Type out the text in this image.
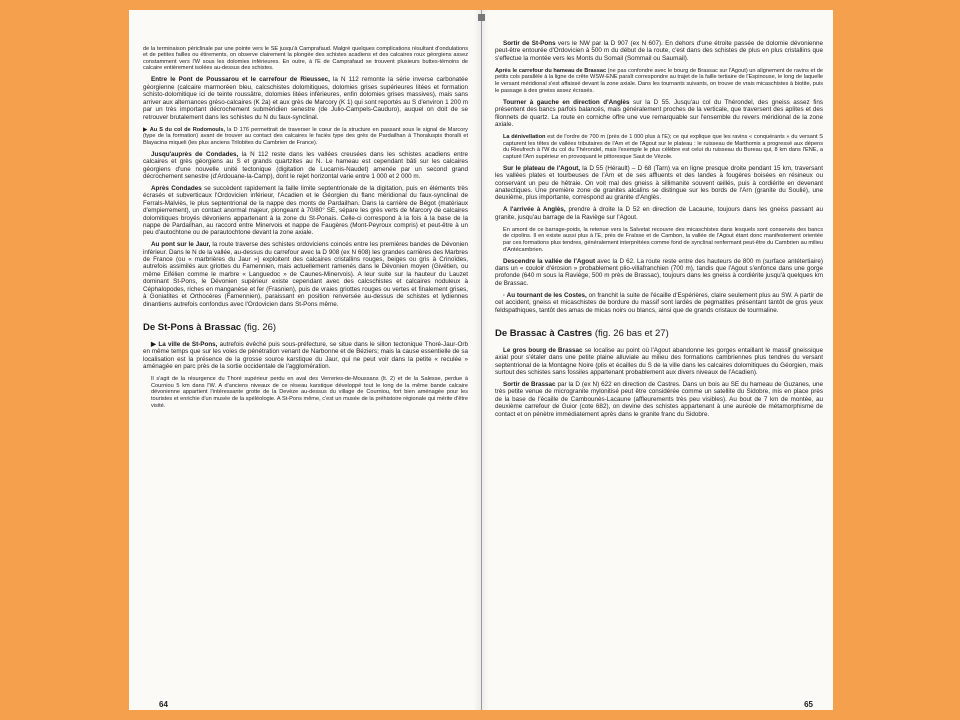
de la terminaison périclinale par une pointe vers le SE jusqu'à Camprafaud. Malgré quelques complications résultant d'ondulations et de petites failles ou étirements, on observe clairement la plongée des schistes acadiens et des calcaires roux géorgiens assez constamment vers l'W sous les dolomies inférieures. En outre, à l'E de Camprafaud se trouvent plusieurs buttes-témoins de calcaire entièrement isolées au-dessus des schistes.

Entre le Pont de Poussarou et le carrefour de Rieussec, la N 112 remonte la série inverse carbonatée géorgienne (calcaire marmoréen bleu, calcschistes dolomitiques, dolomies grises supérieures litées et formation schisto-dolomitique ici de teinte roussâtre, dolomies litées inférieures, enfin dolomies grises massives), mais sans arriver aux alternances grésо-calcaires (K 2a) et aux grès de Marcory (K 1) qui sont reportés au S d'environ 1 200 m par un très important décrochement subméridien senestre (de Julio-Campels-Cauduro), auquel on doit de se retrouver brutalement dans les schistes du N du faux-synclinal.

▶ Au S du col de Rodomouls, la D 176 permettrait de traverser le cœur de la structure en passant sous le signal de Marcory (type de la formation) avant de trouver au contact des calcaires le faciès type des grès de Pardailhan à Thoraluspis thoralli et Blayacina miqueli (les plus anciens Trilobites du Cambrien de France).

Jusqu'auprès de Condades, la N 112 reste dans les vallées creusées dans les schistes acadiens entre calcaires et grès géorgiens au S et grands quartzites au N. Le hameau est cependant bâti sur les calcaires géorgiens d'une nouvelle unité tectonique (digitation de Lucarnis-Naudet) amenée par un second grand décrochement senestre (d'Ardouane-la-Camp), dont le rejet horizontal varie entre 1 000 et 2 000 m.

Après Condades se succèdent rapidement la faille limite septentrionale de la digitation, puis en éléments très écrasés et subverticaux l'Ordovicien inférieur, l'Acadien et le Géorgien du flanc méridional du faux-synclinal de Ferrals-Malviès, le plus septentrional de la nappe des monts de Pardailhan. Dans la carrière de Bégot (matériaux d'empierrement), un contact anormal majeur, plongeant à 70/80° SE, sépare les grès verts de Marcory de calcaires dolomitiques broyés dévoniens appartenant à la zone du St-Ponais. Celle-ci correspond à la fois à la base de la nappe de Pardailhan, au raccord entre Minervois et nappe de Faugères (Mont-Peyroux compris) et peut-être à un peu d'autochtone ou de parautochtone devant la zone axiale.

Au pont sur le Jaur, la route traverse des schistes ordoviciens coincés entre les premières bandes de Dévonien inférieur. Dans le N de la vallée, au-dessus du carrefour avec la D 908 (ex N 608) les grandes carrières des Marbres de France (ou « marbrières du Jaur ») exploitent des calcaires cristallins rouges, beiges ou gris à Crinoïdes, autrefois assimilés aux griottes du Famennien, mais actuellement ramenés dans le Dévonien moyen (Givétien, ou même Eifélien comme le marbre « Languedoc » de Caunes-Minervois). A leur suite sur la hauteur du Lauzet dominant St-Pons, le Dévonien supérieur existe cependant avec des calcschistes et calcaires noduleux à Céphalopodes, riches en manganèse et fer (Frasnien), puis de vraies griottes rouges ou vertes et finalement grises, à Goniatites et Orthocères (Famennien), paraissant en position renversée au-dessus de schistes et lydiennes dinantiens autrefois confondus avec l'Ordovicien dans St-Pons même.

De St-Pons à Brassac (fig. 26)

▶ La ville de St-Pons, autrefois évêché puis sous-préfecture, se situe dans le sillon tectonique Thoré-Jaur-Orb en même temps que sur les voies de pénétration venant de Narbonne et de Béziers; mais la cause essentielle de sa localisation est la présence de la grosse source karstique du Jaur, qui ne peut voir dans la petite « reculée » aménagée en parc près de la sortie occidentale de l'agglomération.

Il s'agit de la résurgence du Thoré supérieur perdu en aval des Verreries-de-Moussans (lt. 2) et de la Salesse, perdue à Courniou 5 km dans l'W. A d'anciens niveaux de ce réseau karstique développé tout le long de la même bande calcaire dévonienne appartient l'intéressante grotte de la Devèze au-dessus du village de Courniou, fort bien aménagée pour les touristes et enrichie d'un musée de la spéléologie. A St-Pons même, c'est un musée de la préhistoire régionale qui mérite d'être visité.

64

Sortir de St-Pons vers le NW par la D 907 (ex N 607). En dehors d'une étroite passée de dolomie dévonienne peut-être entourée d'Ordovicien à 500 m du début de la route, c'est dans des schistes de plus en plus cristallins que s'effectue la montée vers les Monts du Somail (Sommail ou Saumail).

Après le carrefour du hameau de Brassac (ne pas confondre avec le bourg de Brassac sur l'Agout) un alignement de ravins et de petits cols parallèle à la ligne de crête WSW-ENE paraît correspondre au trajet de la faille tertiaire de l'Espinouse, le long de laquelle le versant méridional s'est affaissé devant la zone axiale. Dans les tournants suivants, on trouve de vrais micaschistes à biotite, puis le passage à des gneiss assez écrasés.

Tourner à gauche en direction d'Anglès sur la D 55. Jusqu'au col du Thérondel, des gneiss assez fins présentent des bancs parfois balancés, mais généralement proches de la verticale, que traversent des aplites et des filonnets de quartz. La route en corniche offre une vue remarquable sur l'ensemble du revers méridional de la zone axiale.

La dénivellation est de l'ordre de 700 m (près de 1 000 plus à l'E); ce qui explique que les ravins « conquérants » du versant S capturent les têtes de vallées tributaires de l'Arn et de l'Agout sur le plateau : le ruisseau de Marthomis a progressé aux dépens du Rieufrech à l'W du col du Thérondel, mais l'exemple le plus célèbre est celui du ruisseau du Bureau qui, 8 km dans l'ENE, a capturé l'Arn supérieur en provoquant le pittoresque Saut de Vèzole.

Sur le plateau de l'Agout, la D 55 (Hérault) – D 68 (Tarn) va en ligne presque droite pendant 15 km, traversant les vallées plates et tourbeuses de l'Arn et de ses affluents et des landes à fougères boisées en résineux ou conservant un peu de hêtraie. On voit mal des gneiss à sillimanite souvent œillés, puis à cordiérite en devenant anatectiques. Une première zone de granites alcalins se distingue sur les bords de l'Arn (granite du Soulié), une deuxième, plus importante, correspond au granite d'Anglès.

A l'arrivée à Anglès, prendre à droite la D 52 en direction de Lacaune, toujours dans les gneiss passant au granite, jusqu'au barrage de la Raviège sur l'Agout.

En amont de ce barrage-poids, la retenue vers la Salvetat recouvre des micaschistes dans lesquels sont conservés des bancs de cipolins. Il en existe aussi plus à l'E, près de Fraïsse et de Cambon, la vallée de l'Agout étant donc manifestement orientée par ces formations plus tendres, généralement interprétées comme fond de synclinal renfermant peut-être du Cambrien au milieu d'Antécambrien.

Descendre la vallée de l'Agout avec la D 62. La route reste entre des hauteurs de 800 m (surface antétertiaire) dans un « couloir d'érosion » probablement plio-villafranchien (700 m), tandis que l'Agout s'enfonce dans une gorge profonde (640 m sous la Raviège, 500 m près de Brassac), toujours dans les gneiss à cordiérite jusqu'à quelques km de Brassac.

· Au tournant de les Costes, on franchit la suite de l'écaille d'Espérières, claire seulement plus au SW. A partir de cet accident, gneiss et micaschistes de bordure du massif sont lardés de pegmatites présentant tantôt de gros yeux feldspathiques, tantôt des amas de micas noirs ou blancs, ainsi que de grands cristaux de tourmaline.

De Brassac à Castres (fig. 26 bas et 27)

Le gros bourg de Brassac se localise au point où l'Agout abandonne les gorges entaillant le massif gneissique axial pour s'étaler dans une petite plaine alluviale au milieu des formations cambriennes plus tendres du versant septentrional de la Montagne Noire (plis et écailles du S de la ville dans les calcaires dolomitiques du Géorgien, mais surtout des schistes sans fossiles appartenant probablement aux divers niveaux de l'Acadien).

Sortir de Brassac par la D (ex N) 622 en direction de Castres. Dans un bois au SE du hameau de Guzanes, une très petite venue de microgranite mylonitisé peut être considérée comme un satellite du Sidobre, mis en place près de la base de l'écaille de Cambounès-Lacaune (affleurements très peu visibles). Au bout de 7 km de montée, au deuxième carrefour de Guior (cote 682), on devine des schistes appartenant à une auréole de métamorphisme de contact et on pénètre immédiatement après dans le granite franc du Sidobre.

65
